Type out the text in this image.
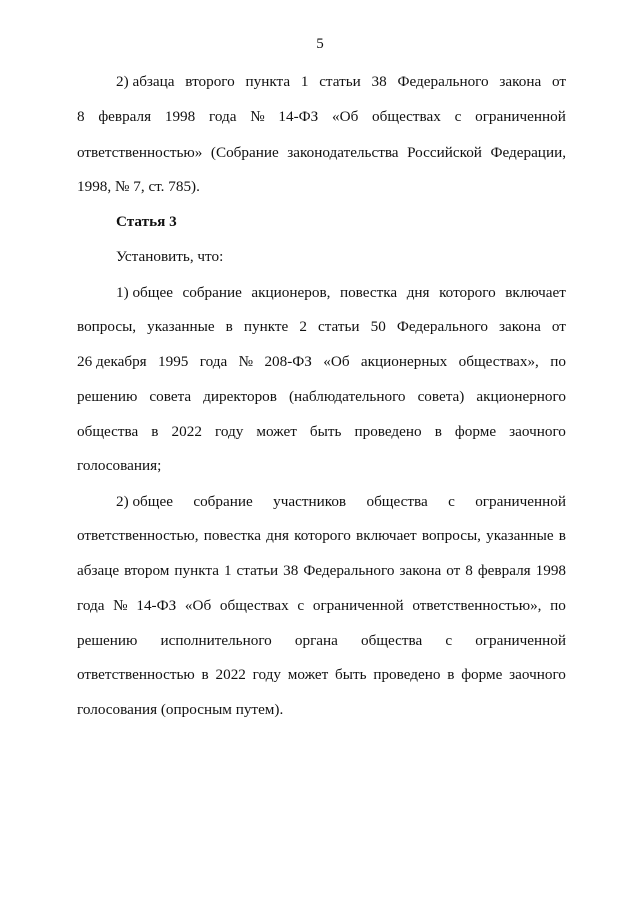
5
2) абзаца второго пункта 1 статьи 38 Федерального закона от
8 февраля 1998 года № 14-ФЗ «Об обществах с ограниченной
ответственностью» (Собрание законодательства Российской Федерации,
1998, № 7, ст. 785).
Статья 3
Установить, что:
1) общее собрание акционеров, повестка дня которого включает
вопросы, указанные в пункте 2 статьи 50 Федерального закона от
26 декабря 1995 года № 208-ФЗ «Об акционерных обществах», по
решению совета директоров (наблюдательного совета) акционерного
общества в 2022 году может быть проведено в форме заочного
голосования;
2) общее собрание участников общества с ограниченной
ответственностью, повестка дня которого включает вопросы, указанные в
абзаце втором пункта 1 статьи 38 Федерального закона от 8 февраля 1998
года № 14-ФЗ «Об обществах с ограниченной ответственностью», по
решению исполнительного органа общества с ограниченной
ответственностью в 2022 году может быть проведено в форме заочного
голосования (опросным путем).
